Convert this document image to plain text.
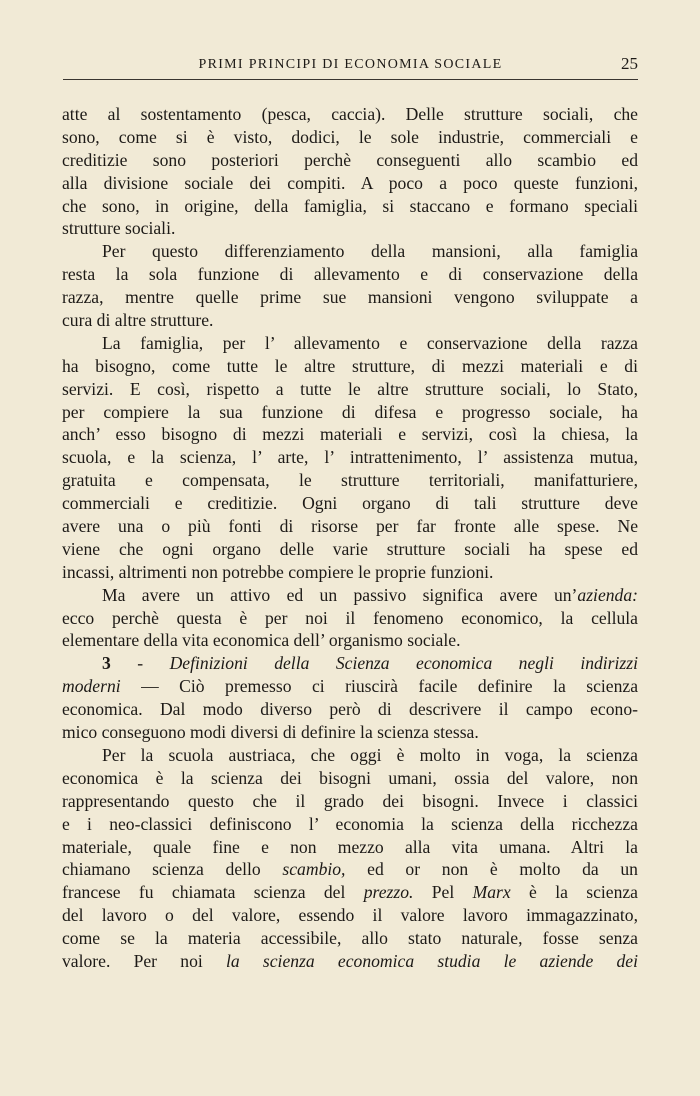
PRIMI PRINCIPI DI ECONOMIA SOCIALE	25
atte al sostentamento (pesca, caccia). Delle strutture sociali, che
sono, come si è visto, dodici, le sole industrie, commerciali e
creditizie sono posteriori perchè conseguenti allo scambio ed
alla divisione sociale dei compiti. A poco a poco queste funzioni,
che sono, in origine, della famiglia, si staccano e formano speciali
strutture sociali.
Per questo differenziamento della mansioni, alla famiglia
resta la sola funzione di allevamento e di conservazione della
razza, mentre quelle prime sue mansioni vengono sviluppate a
cura di altre strutture.
La famiglia, per l’ allevamento e conservazione della razza
ha bisogno, come tutte le altre strutture, di mezzi materiali e di
servizi. E così, rispetto a tutte le altre strutture sociali, lo Stato,
per compiere la sua funzione di difesa e progresso sociale, ha
anch’ esso bisogno di mezzi materiali e servizi, così la chiesa, la
scuola, e la scienza, l’ arte, l’ intrattenimento, l’ assistenza mutua,
gratuita e compensata, le strutture territoriali, manifatturiere,
commerciali e creditizie. Ogni organo di tali strutture deve
avere una o più fonti di risorse per far fronte alle spese. Ne
viene che ogni organo delle varie strutture sociali ha spese ed
incassi, altrimenti non potrebbe compiere le proprie funzioni.
Ma avere un attivo ed un passivo significa avere un’azienda:
ecco perchè questa è per noi il fenomeno economico, la cellula
elementare della vita economica dell’ organismo sociale.
3 - Definizioni della Scienza economica negli indirizzi
moderni — Ciò premesso ci riuscirà facile definire la scienza
economica. Dal modo diverso però di descrivere il campo econo-
mico conseguono modi diversi di definire la scienza stessa.
Per la scuola austriaca, che oggi è molto in voga, la scienza
economica è la scienza dei bisogni umani, ossia del valore, non
rappresentando questo che il grado dei bisogni. Invece i classici
e i neo-classici definiscono l’ economia la scienza della ricchezza
materiale, quale fine e non mezzo alla vita umana. Altri la
chiamano scienza dello scambio, ed or non è molto da un
francese fu chiamata scienza del prezzo. Pel Marx è la scienza
del lavoro o del valore, essendo il valore lavoro immagazzinato,
come se la materia accessibile, allo stato naturale, fosse senza
valore. Per noi la scienza economica studia le aziende dei
